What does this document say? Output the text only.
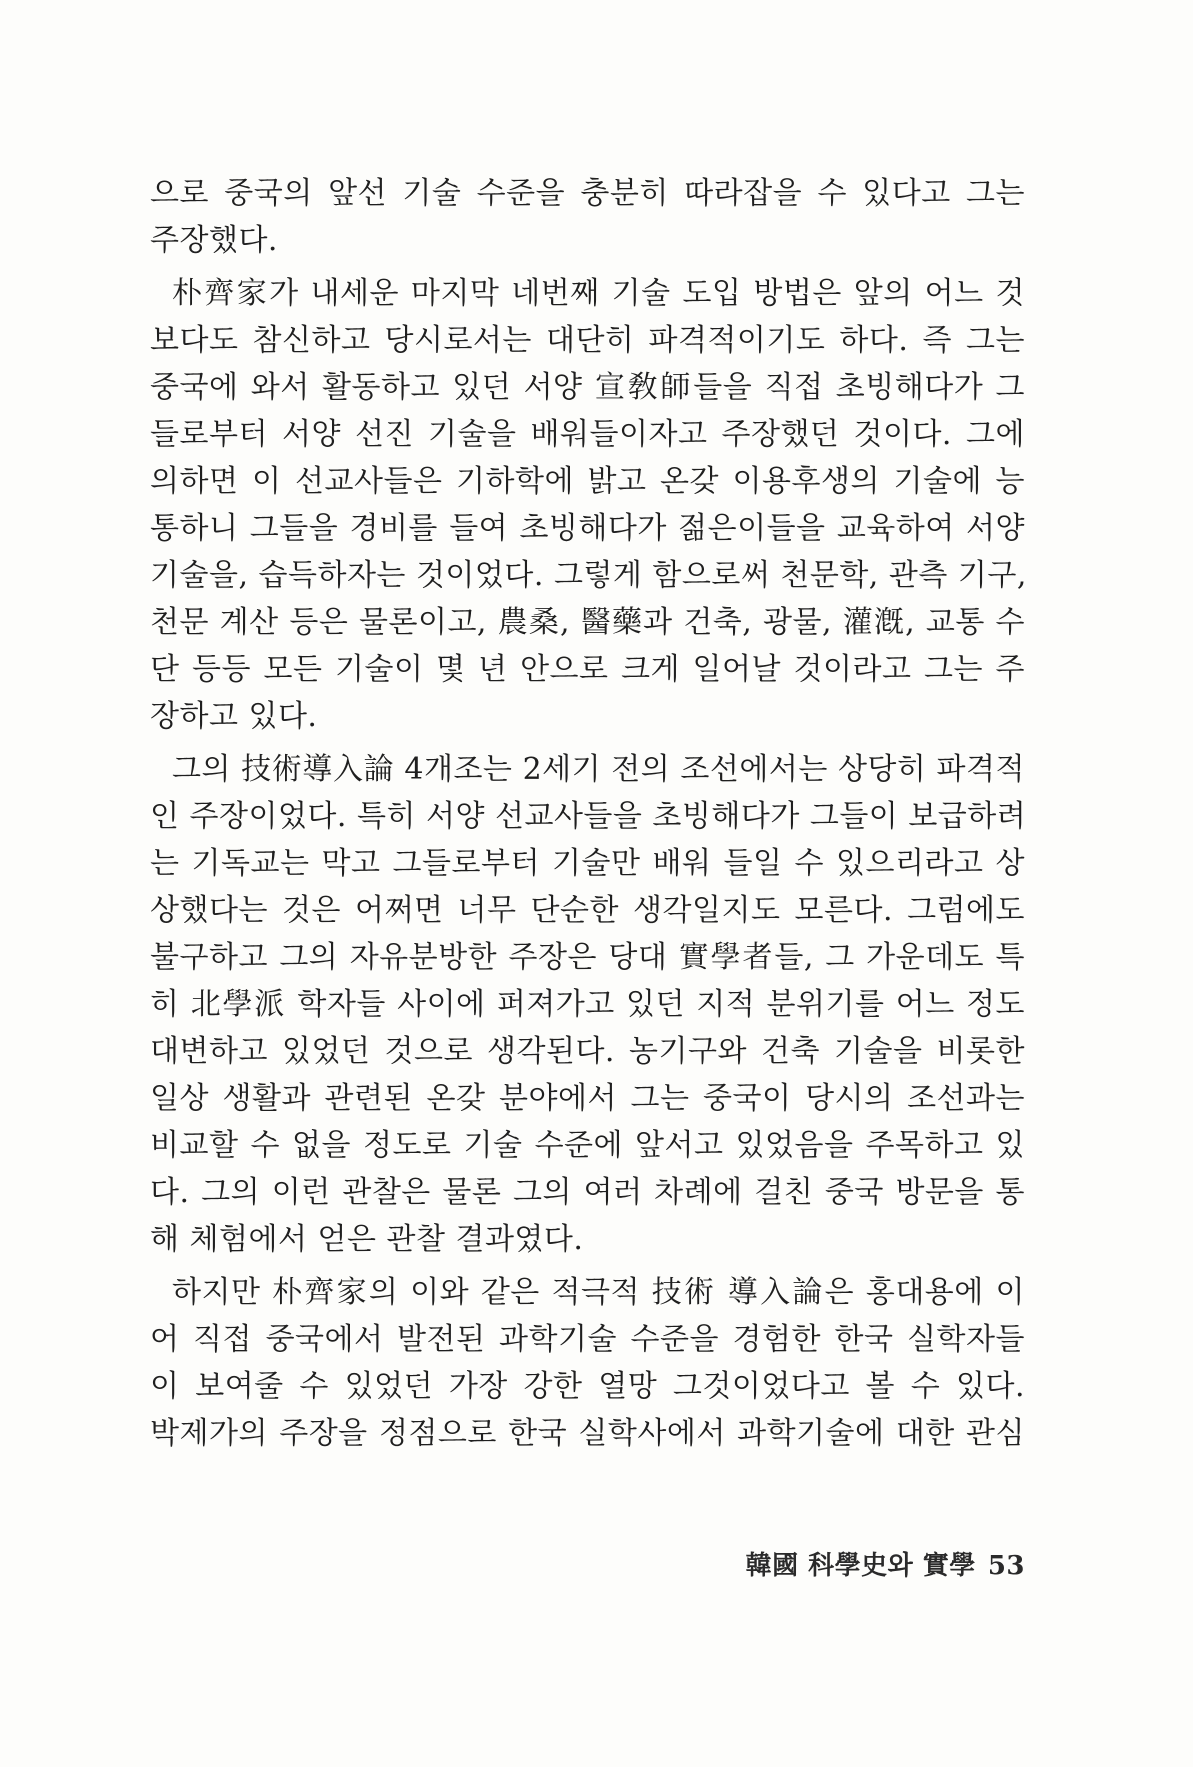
으로 중국의 앞선 기술 수준을 충분히 따라잡을 수 있다고 그는
주장했다.
朴齊家가 내세운 마지막 네번째 기술 도입 방법은 앞의 어느 것
보다도 참신하고 당시로서는 대단히 파격적이기도 하다. 즉 그는
중국에 와서 활동하고 있던 서양 宣敎師들을 직접 초빙해다가 그
들로부터 서양 선진 기술을 배워들이자고 주장했던 것이다. 그에
의하면 이 선교사들은 기하학에 밝고 온갖 이용후생의 기술에 능
통하니 그들을 경비를 들여 초빙해다가 젊은이들을 교육하여 서양
기술을, 습득하자는 것이었다. 그렇게 함으로써 천문학, 관측 기구,
천문 계산 등은 물론이고, 農桑, 醫藥과 건축, 광물, 灌漑, 교통 수
단 등등 모든 기술이 몇 년 안으로 크게 일어날 것이라고 그는 주
장하고 있다.
그의 技術導入論 4개조는 2세기 전의 조선에서는 상당히 파격적
인 주장이었다. 특히 서양 선교사들을 초빙해다가 그들이 보급하려
는 기독교는 막고 그들로부터 기술만 배워 들일 수 있으리라고 상
상했다는 것은 어쩌면 너무 단순한 생각일지도 모른다. 그럼에도
불구하고 그의 자유분방한 주장은 당대 實學者들, 그 가운데도 특
히 北學派 학자들 사이에 퍼져가고 있던 지적 분위기를 어느 정도
대변하고 있었던 것으로 생각된다. 농기구와 건축 기술을 비롯한
일상 생활과 관련된 온갖 분야에서 그는 중국이 당시의 조선과는
비교할 수 없을 정도로 기술 수준에 앞서고 있었음을 주목하고 있
다. 그의 이런 관찰은 물론 그의 여러 차례에 걸친 중국 방문을 통
해 체험에서 얻은 관찰 결과였다.
하지만 朴齊家의 이와 같은 적극적 技術 導入論은 홍대용에 이
어 직접 중국에서 발전된 과학기술 수준을 경험한 한국 실학자들
이 보여줄 수 있었던 가장 강한 열망 그것이었다고 볼 수 있다.
박제가의 주장을 정점으로 한국 실학사에서 과학기술에 대한 관심
韓國 科學史와 實學 53
